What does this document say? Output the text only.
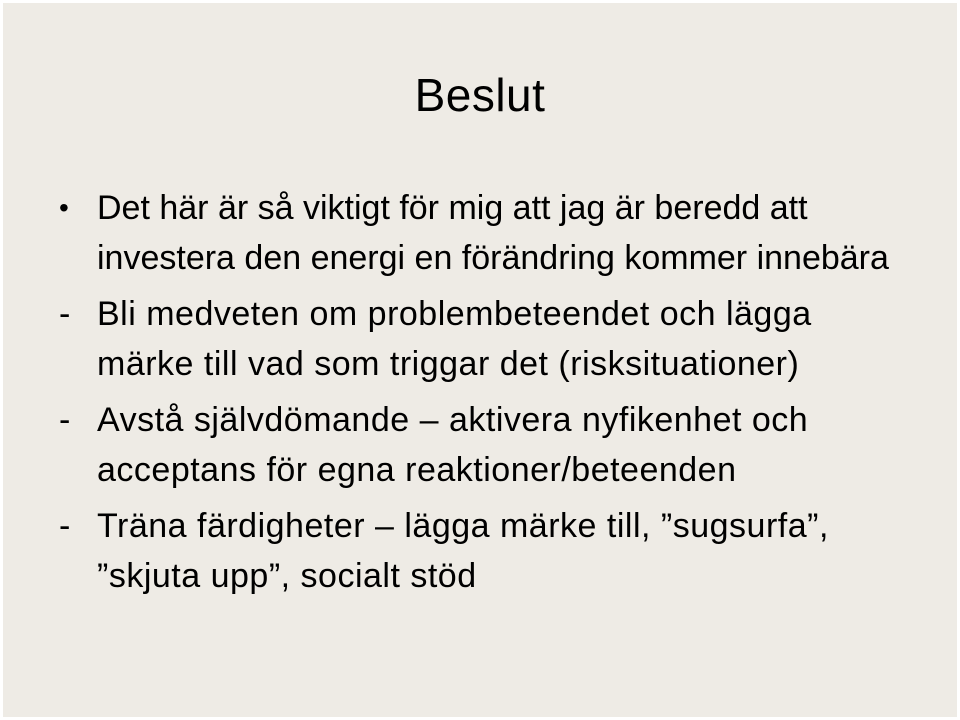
Beslut
• Det här är så viktigt för mig att jag är beredd att investera den energi en förändring kommer innebära
- Bli medveten om problembeteendet och lägga märke till vad som triggar det (risksituationer)
- Avstå självdömande – aktivera nyfikenhet och acceptans för egna reaktioner/beteenden
- Träna färdigheter – lägga märke till, ”sugsurfa”, ”skjuta upp”, socialt stöd
